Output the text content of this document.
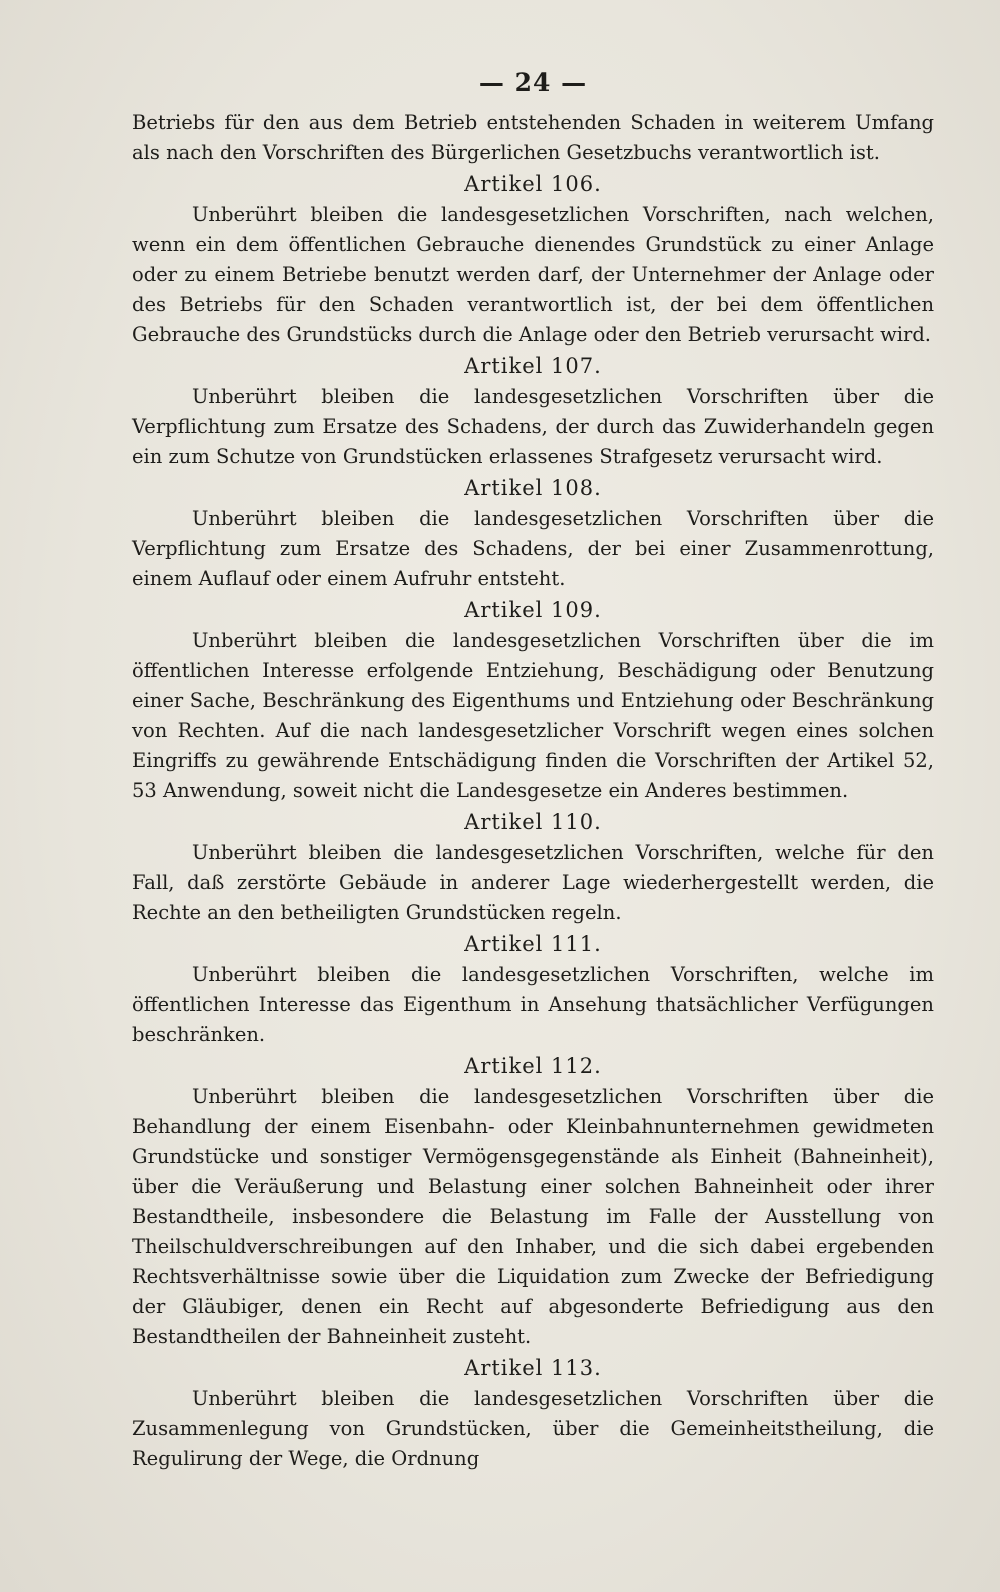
— 24 —

Betriebs für den aus dem Betrieb entstehenden Schaden in weiterem Umfang als nach den Vorschriften des Bürgerlichen Gesetzbuchs verantwortlich ist.

Artikel 106.

Unberührt bleiben die landesgesetzlichen Vorschriften, nach welchen, wenn ein dem öffentlichen Gebrauche dienendes Grundstück zu einer Anlage oder zu einem Betriebe benutzt werden darf, der Unternehmer der Anlage oder des Betriebs für den Schaden verantwortlich ist, der bei dem öffentlichen Gebrauche des Grundstücks durch die Anlage oder den Betrieb verursacht wird.

Artikel 107.

Unberührt bleiben die landesgesetzlichen Vorschriften über die Verpflichtung zum Ersatze des Schadens, der durch das Zuwiderhandeln gegen ein zum Schutze von Grundstücken erlassenes Strafgesetz verursacht wird.

Artikel 108.

Unberührt bleiben die landesgesetzlichen Vorschriften über die Verpflichtung zum Ersatze des Schadens, der bei einer Zusammenrottung, einem Auflauf oder einem Aufruhr entsteht.

Artikel 109.

Unberührt bleiben die landesgesetzlichen Vorschriften über die im öffentlichen Interesse erfolgende Entziehung, Beschädigung oder Benutzung einer Sache, Beschränkung des Eigenthums und Entziehung oder Beschränkung von Rechten. Auf die nach landesgesetzlicher Vorschrift wegen eines solchen Eingriffs zu gewährende Entschädigung finden die Vorschriften der Artikel 52, 53 Anwendung, soweit nicht die Landesgesetze ein Anderes bestimmen.

Artikel 110.

Unberührt bleiben die landesgesetzlichen Vorschriften, welche für den Fall, daß zerstörte Gebäude in anderer Lage wiederhergestellt werden, die Rechte an den betheiligten Grundstücken regeln.

Artikel 111.

Unberührt bleiben die landesgesetzlichen Vorschriften, welche im öffentlichen Interesse das Eigenthum in Ansehung thatsächlicher Verfügungen beschränken.

Artikel 112.

Unberührt bleiben die landesgesetzlichen Vorschriften über die Behandlung der einem Eisenbahn- oder Kleinbahnunternehmen gewidmeten Grundstücke und sonstiger Vermögensgegenstände als Einheit (Bahneinheit), über die Veräußerung und Belastung einer solchen Bahneinheit oder ihrer Bestandtheile, insbesondere die Belastung im Falle der Ausstellung von Theilschuldverschreibungen auf den Inhaber, und die sich dabei ergebenden Rechtsverhältnisse sowie über die Liquidation zum Zwecke der Befriedigung der Gläubiger, denen ein Recht auf abgesonderte Befriedigung aus den Bestandtheilen der Bahneinheit zusteht.

Artikel 113.

Unberührt bleiben die landesgesetzlichen Vorschriften über die Zusammenlegung von Grundstücken, über die Gemeinheitstheilung, die Regulirung der Wege, die Ordnung
